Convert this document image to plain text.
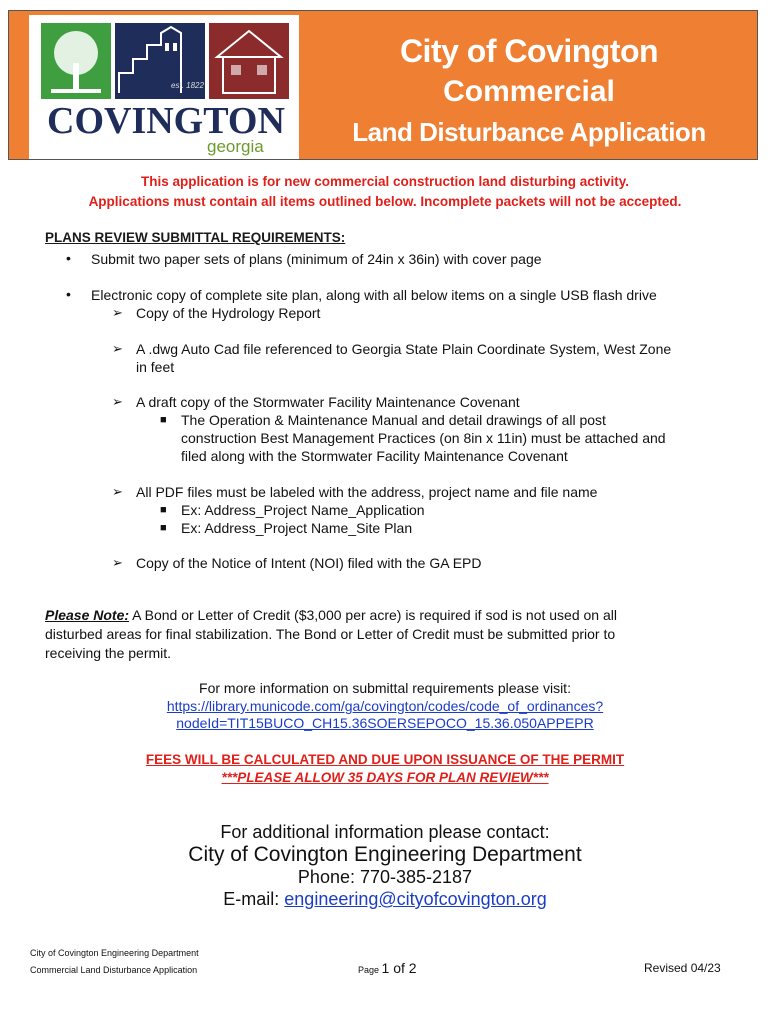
est. 1822
COVINGTON
georgia
City of Covington
Commercial
Land Disturbance Application
This application is for new commercial construction land disturbing activity.
Applications must contain all items outlined below. Incomplete packets will not be accepted.
PLANS REVIEW SUBMITTAL REQUIREMENTS:
• Submit two paper sets of plans (minimum of 24in x 36in) with cover page
• Electronic copy of complete site plan, along with all below items on a single USB flash drive
➢ Copy of the Hydrology Report
➢ A .dwg Auto Cad file referenced to Georgia State Plain Coordinate System, West Zone
in feet
➢ A draft copy of the Stormwater Facility Maintenance Covenant
■ The Operation & Maintenance Manual and detail drawings of all post
construction Best Management Practices (on 8in x 11in) must be attached and
filed along with the Stormwater Facility Maintenance Covenant
➢ All PDF files must be labeled with the address, project name and file name
■ Ex: Address_Project Name_Application
■ Ex: Address_Project Name_Site Plan
➢ Copy of the Notice of Intent (NOI) filed with the GA EPD
Please Note: A Bond or Letter of Credit ($3,000 per acre) is required if sod is not used on all
disturbed areas for final stabilization. The Bond or Letter of Credit must be submitted prior to
receiving the permit.
For more information on submittal requirements please visit:
https://library.municode.com/ga/covington/codes/code_of_ordinances?
nodeId=TIT15BUCO_CH15.36SOERSEPOCO_15.36.050APPEPR
FEES WILL BE CALCULATED AND DUE UPON ISSUANCE OF THE PERMIT
***PLEASE ALLOW 35 DAYS FOR PLAN REVIEW***
For additional information please contact:
City of Covington Engineering Department
Phone: 770-385-2187
E-mail: engineering@cityofcovington.org
City of Covington Engineering Department
Commercial Land Disturbance Application	Page 1 of 2	Revised 04/23
